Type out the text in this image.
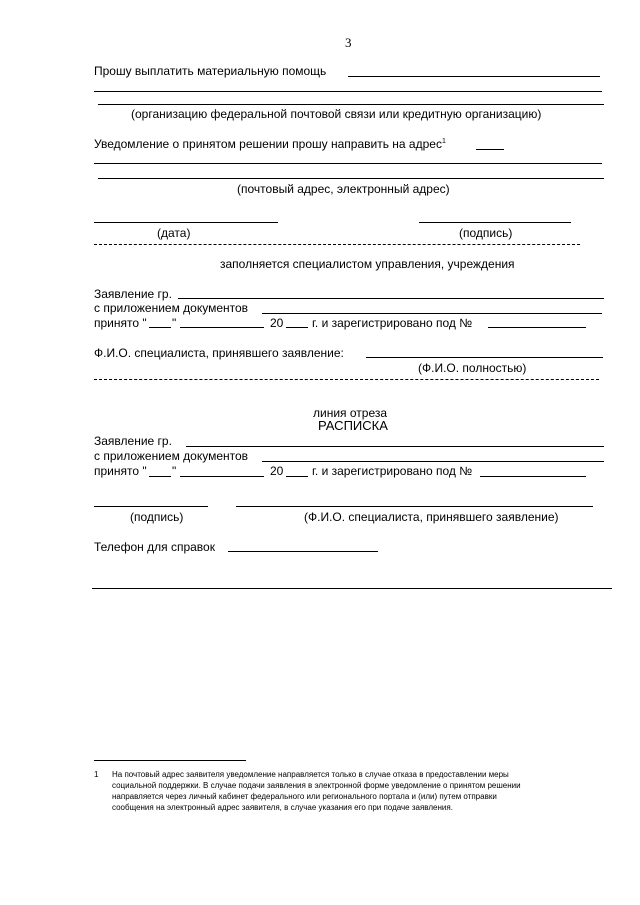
3
Прошу выплатить материальную помощь
(организацию федеральной почтовой связи или кредитную организацию)
Уведомление о принятом решении прошу направить на адрес$^1$
(почтовый адрес, электронный адрес)
(дата)	(подпись)
заполняется специалистом управления, учреждения
Заявление гр.
с приложением документов
принято " "	20 г. и зарегистрировано под №
Ф.И.О. специалиста, принявшего заявление:
(Ф.И.О. полностью)
линия отреза
РАСПИСКА
Заявление гр.
с приложением документов
принято " "	20 г. и зарегистрировано под №
(подпись)	(Ф.И.О. специалиста, принявшего заявление)
Телефон для справок
1 На почтовый адрес заявителя уведомление направляется только в случае отказа в предоставлении меры
социальной поддержки. В случае подачи заявления в электронной форме уведомление о принятом решении
направляется через личный кабинет федерального или регионального портала и (или) путем отправки
сообщения на электронный адрес заявителя, в случае указания его при подаче заявления.
